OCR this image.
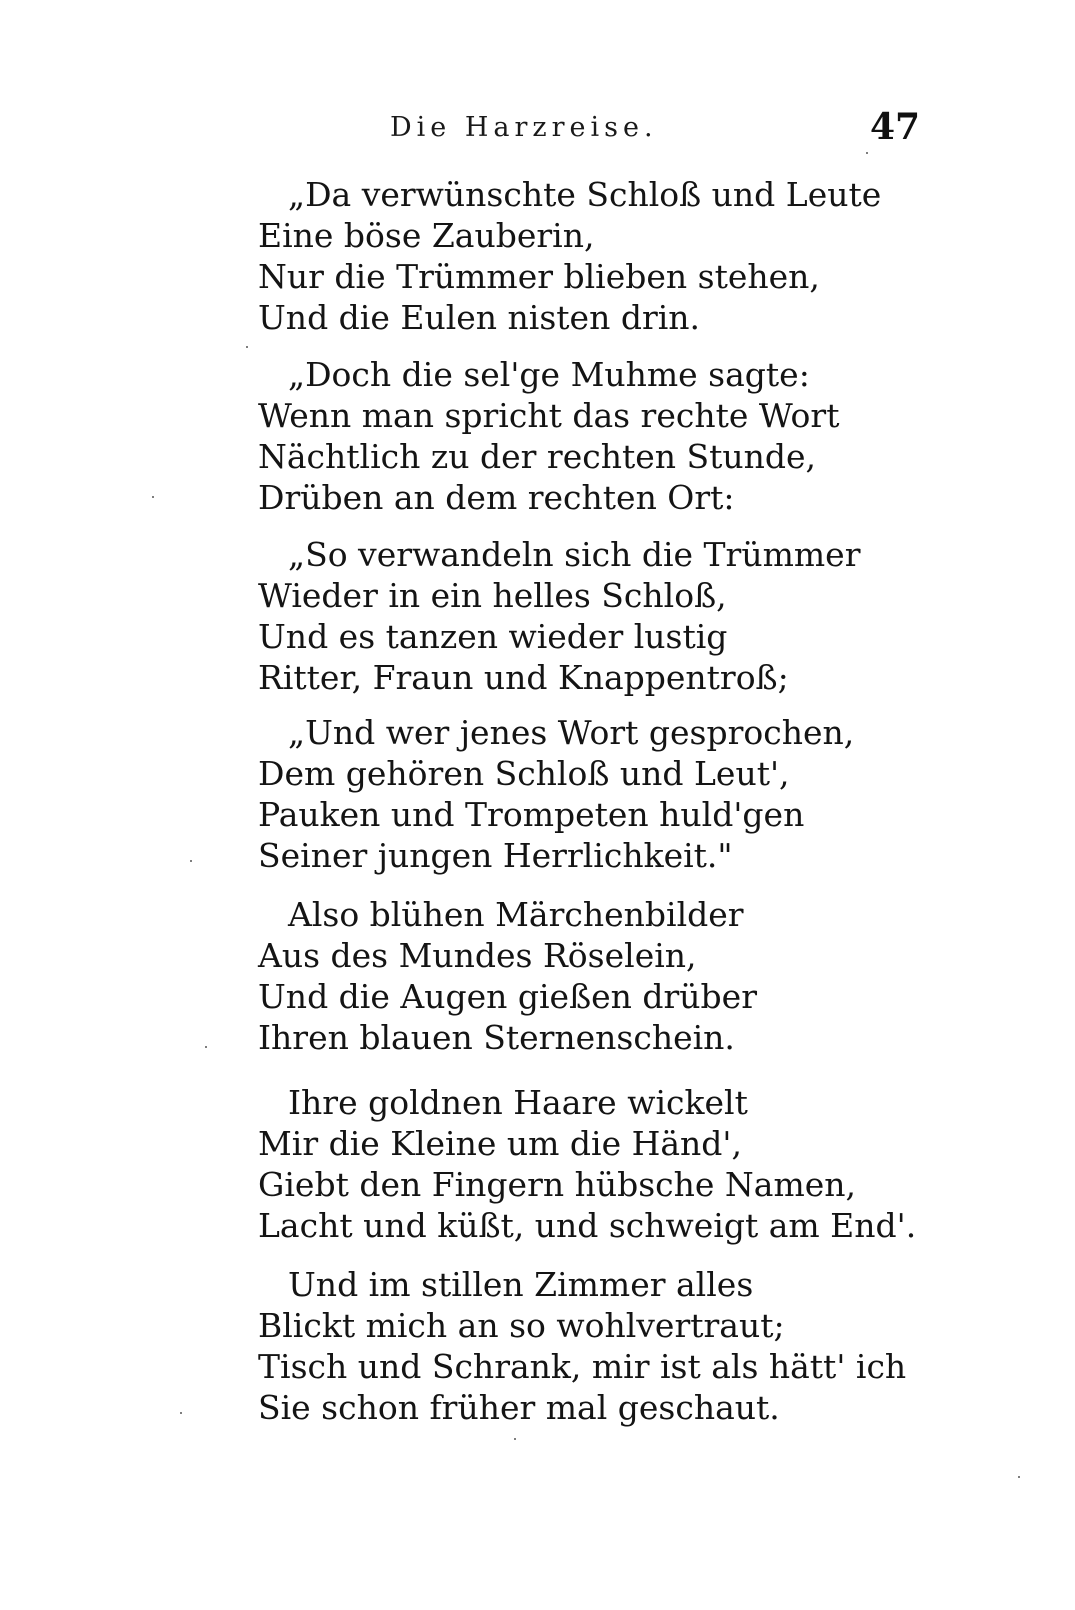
Die Harzreise.	47
„Da verwünschte Schloß und Leute
Eine böse Zauberin,
Nur die Trümmer blieben stehen,
Und die Eulen nisten drin.
„Doch die sel'ge Muhme sagte:
Wenn man spricht das rechte Wort
Nächtlich zu der rechten Stunde,
Drüben an dem rechten Ort:
„So verwandeln sich die Trümmer
Wieder in ein helles Schloß,
Und es tanzen wieder lustig
Ritter, Fraun und Knappentroß;
„Und wer jenes Wort gesprochen,
Dem gehören Schloß und Leut',
Pauken und Trompeten huld'gen
Seiner jungen Herrlichkeit."
Also blühen Märchenbilder
Aus des Mundes Röselein,
Und die Augen gießen drüber
Ihren blauen Sternenschein.
Ihre goldnen Haare wickelt
Mir die Kleine um die Händ',
Giebt den Fingern hübsche Namen,
Lacht und küßt, und schweigt am End'.
Und im stillen Zimmer alles
Blickt mich an so wohlvertraut;
Tisch und Schrank, mir ist als hätt' ich
Sie schon früher mal geschaut.
